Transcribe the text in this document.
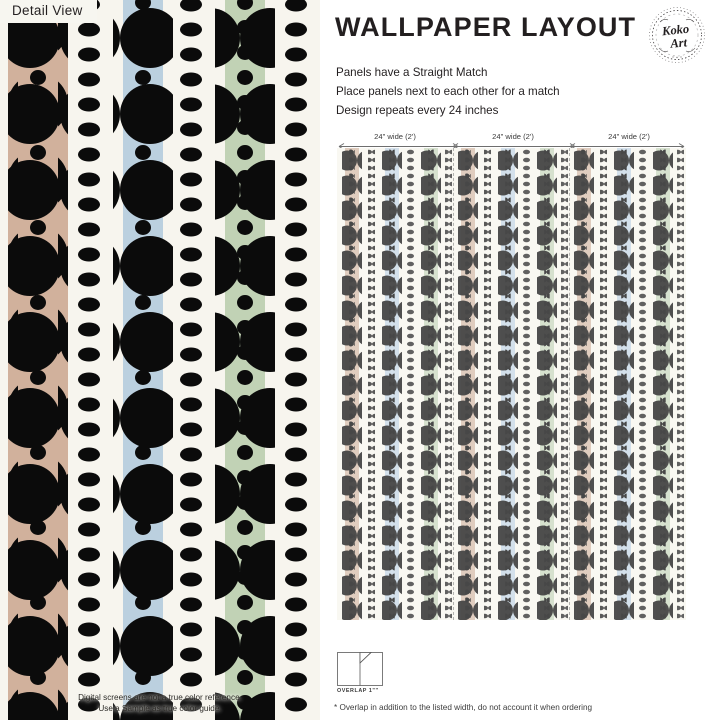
Detail View
Digital screens are not a true color reference.
Use a Sample as true color guide.
WALLPAPER LAYOUT Koko
Art
Panels have a Straight Match
Place panels next to each other for a match
Design repeats every 24 inches
24" wide (2')	24" wide (2')	24" wide (2')
OVERLAP 1""
* Overlap in addition to the listed width, do not account it when ordering
